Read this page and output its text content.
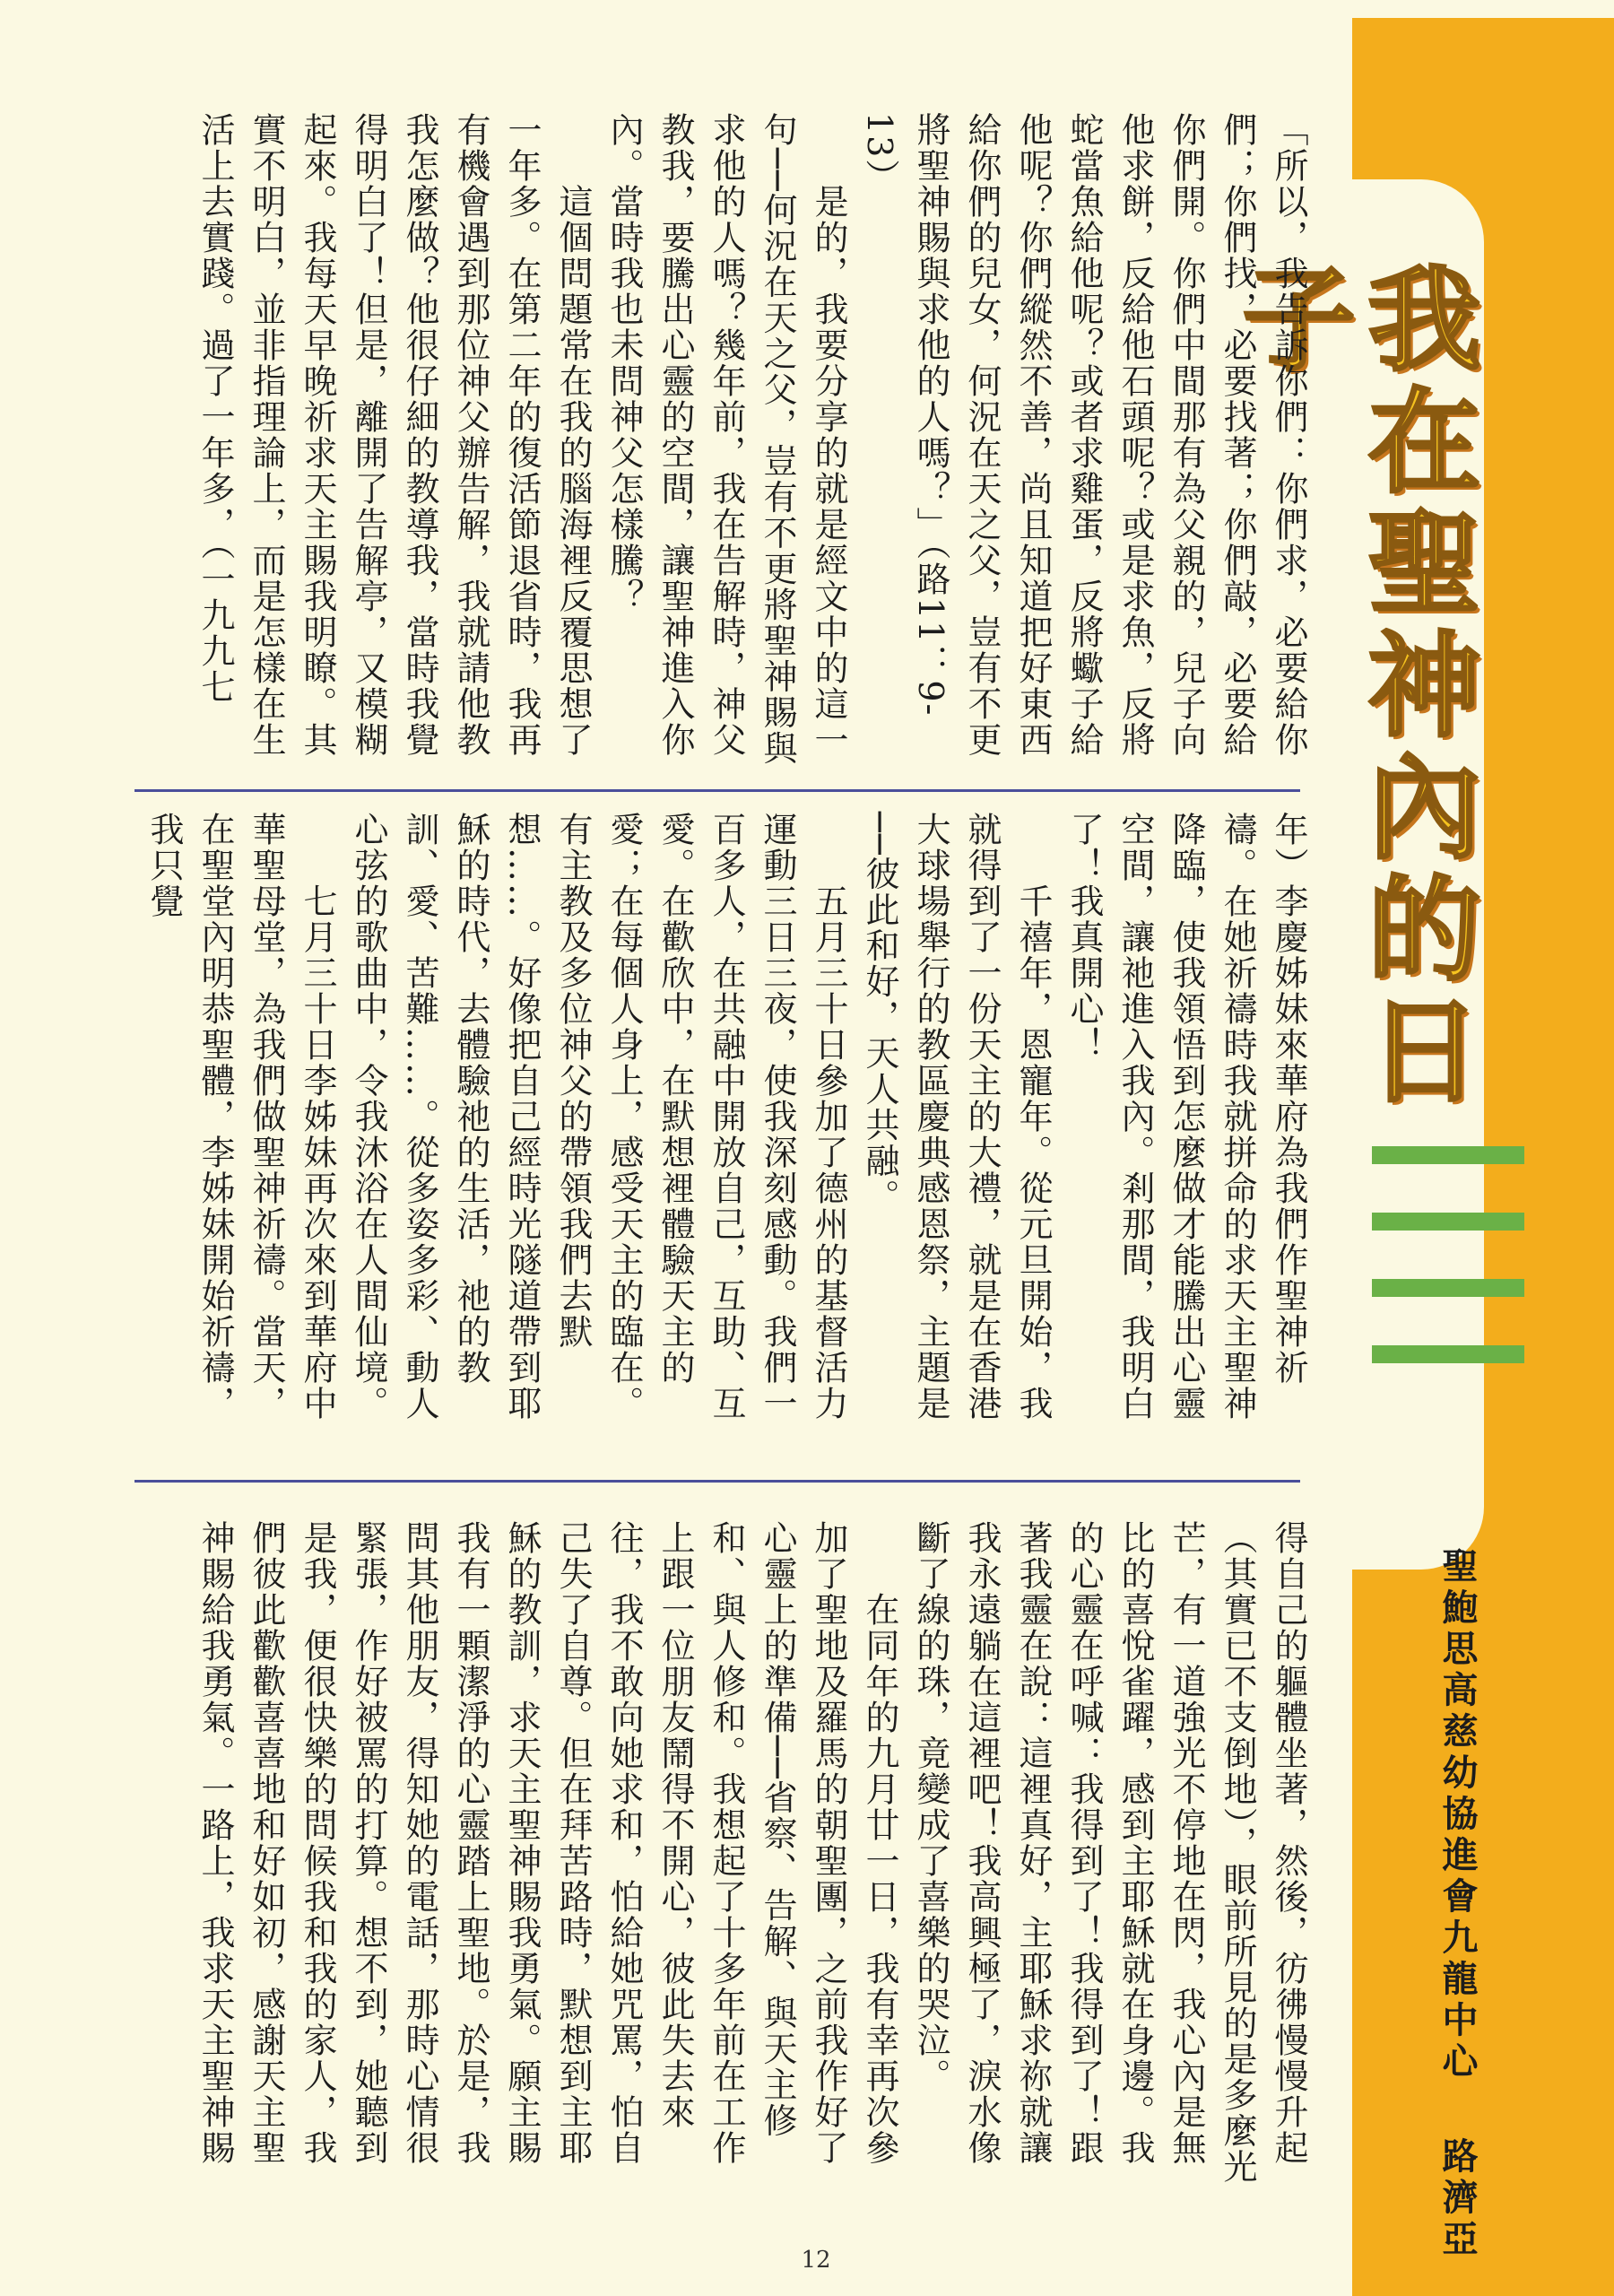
我在聖神內的日子
聖鮑思高慈幼協進會九龍中心路濟亞

「所以，我告訴你們：你們求，必要給你們；你們找，必要找著；你們敲，必要給你們開。你們中間那有為父親的，兒子向他求餅，反給他石頭呢？或是求魚，反將蛇當魚給他呢？或者求雞蛋，反將蠍子給他呢？你們縱然不善，尚且知道把好東西給你們的兒女，何況在天之父，豈有不更將聖神賜與求他的人嗎？」（路11：9-13）

是的，我要分享的就是經文中的這一句──何況在天之父，豈有不更將聖神賜與求他的人嗎？幾年前，我在告解時，神父教我，要騰出心靈的空間，讓聖神進入你內。當時我也未問神父怎樣騰？

這個問題常在我的腦海裡反覆思想了一年多。在第二年的復活節退省時，我再有機會遇到那位神父辦告解，我就請他教我怎麼做？他很仔細的教導我，當時我覺得明白了！但是，離開了告解亭，又模糊起來。我每天早晚祈求天主賜我明瞭。其實不明白，並非指理論上，而是怎樣在生活上去實踐。過了一年多，（一九九七

年）李慶姊妹來華府為我們作聖神祈禱。在她祈禱時我就拼命的求天主聖神降臨，使我領悟到怎麼做才能騰出心靈空間，讓祂進入我內。剎那間，我明白了！我真開心！

千禧年，恩寵年。從元旦開始，我就得到了一份天主的大禮，就是在香港大球場舉行的教區慶典感恩祭，主題是──彼此和好，天人共融。

五月三十日參加了德州的基督活力運動三日三夜，使我深刻感動。我們一百多人，在共融中開放自己，互助、互愛。在歡欣中，在默想裡體驗天主的愛；在每個人身上，感受天主的臨在。有主教及多位神父的帶領我們去默想……。好像把自己經時光隧道帶到耶穌的時代，去體驗祂的生活，祂的教訓、愛、苦難……。從多姿多彩、動人心弦的歌曲中，令我沐浴在人間仙境。

七月三十日李姊妹再次來到華府中華聖母堂，為我們做聖神祈禱。當天，在聖堂內明恭聖體，李姊妹開始祈禱，我只覺

得自己的軀體坐著，然後，彷彿慢慢升起（其實已不支倒地），眼前所見的是多麼光芒，有一道強光不停地在閃，我心內是無比的喜悅雀躍，感到主耶穌就在身邊。我的心靈在呼喊：我得到了！我得到了！跟著我靈在說：這裡真好，主耶穌求祢就讓我永遠躺在這裡吧！我高興極了，淚水像斷了線的珠，竟變成了喜樂的哭泣。

在同年的九月廿一日，我有幸再次參加了聖地及羅馬的朝聖團，之前我作好了心靈上的準備──省察、告解、與天主修和、與人修和。我想起了十多年前在工作上跟一位朋友鬧得不開心，彼此失去來往，我不敢向她求和，怕給她咒罵，怕自己失了自尊。但在拜苦路時，默想到主耶穌的教訓，求天主聖神賜我勇氣。願主賜我有一顆潔淨的心靈踏上聖地。於是，我問其他朋友，得知她的電話，那時心情很緊張，作好被罵的打算。想不到，她聽到是我，便很快樂的問候我和我的家人，我們彼此歡歡喜喜地和好如初，感謝天主聖神賜給我勇氣。一路上，我求天主聖神賜

12
